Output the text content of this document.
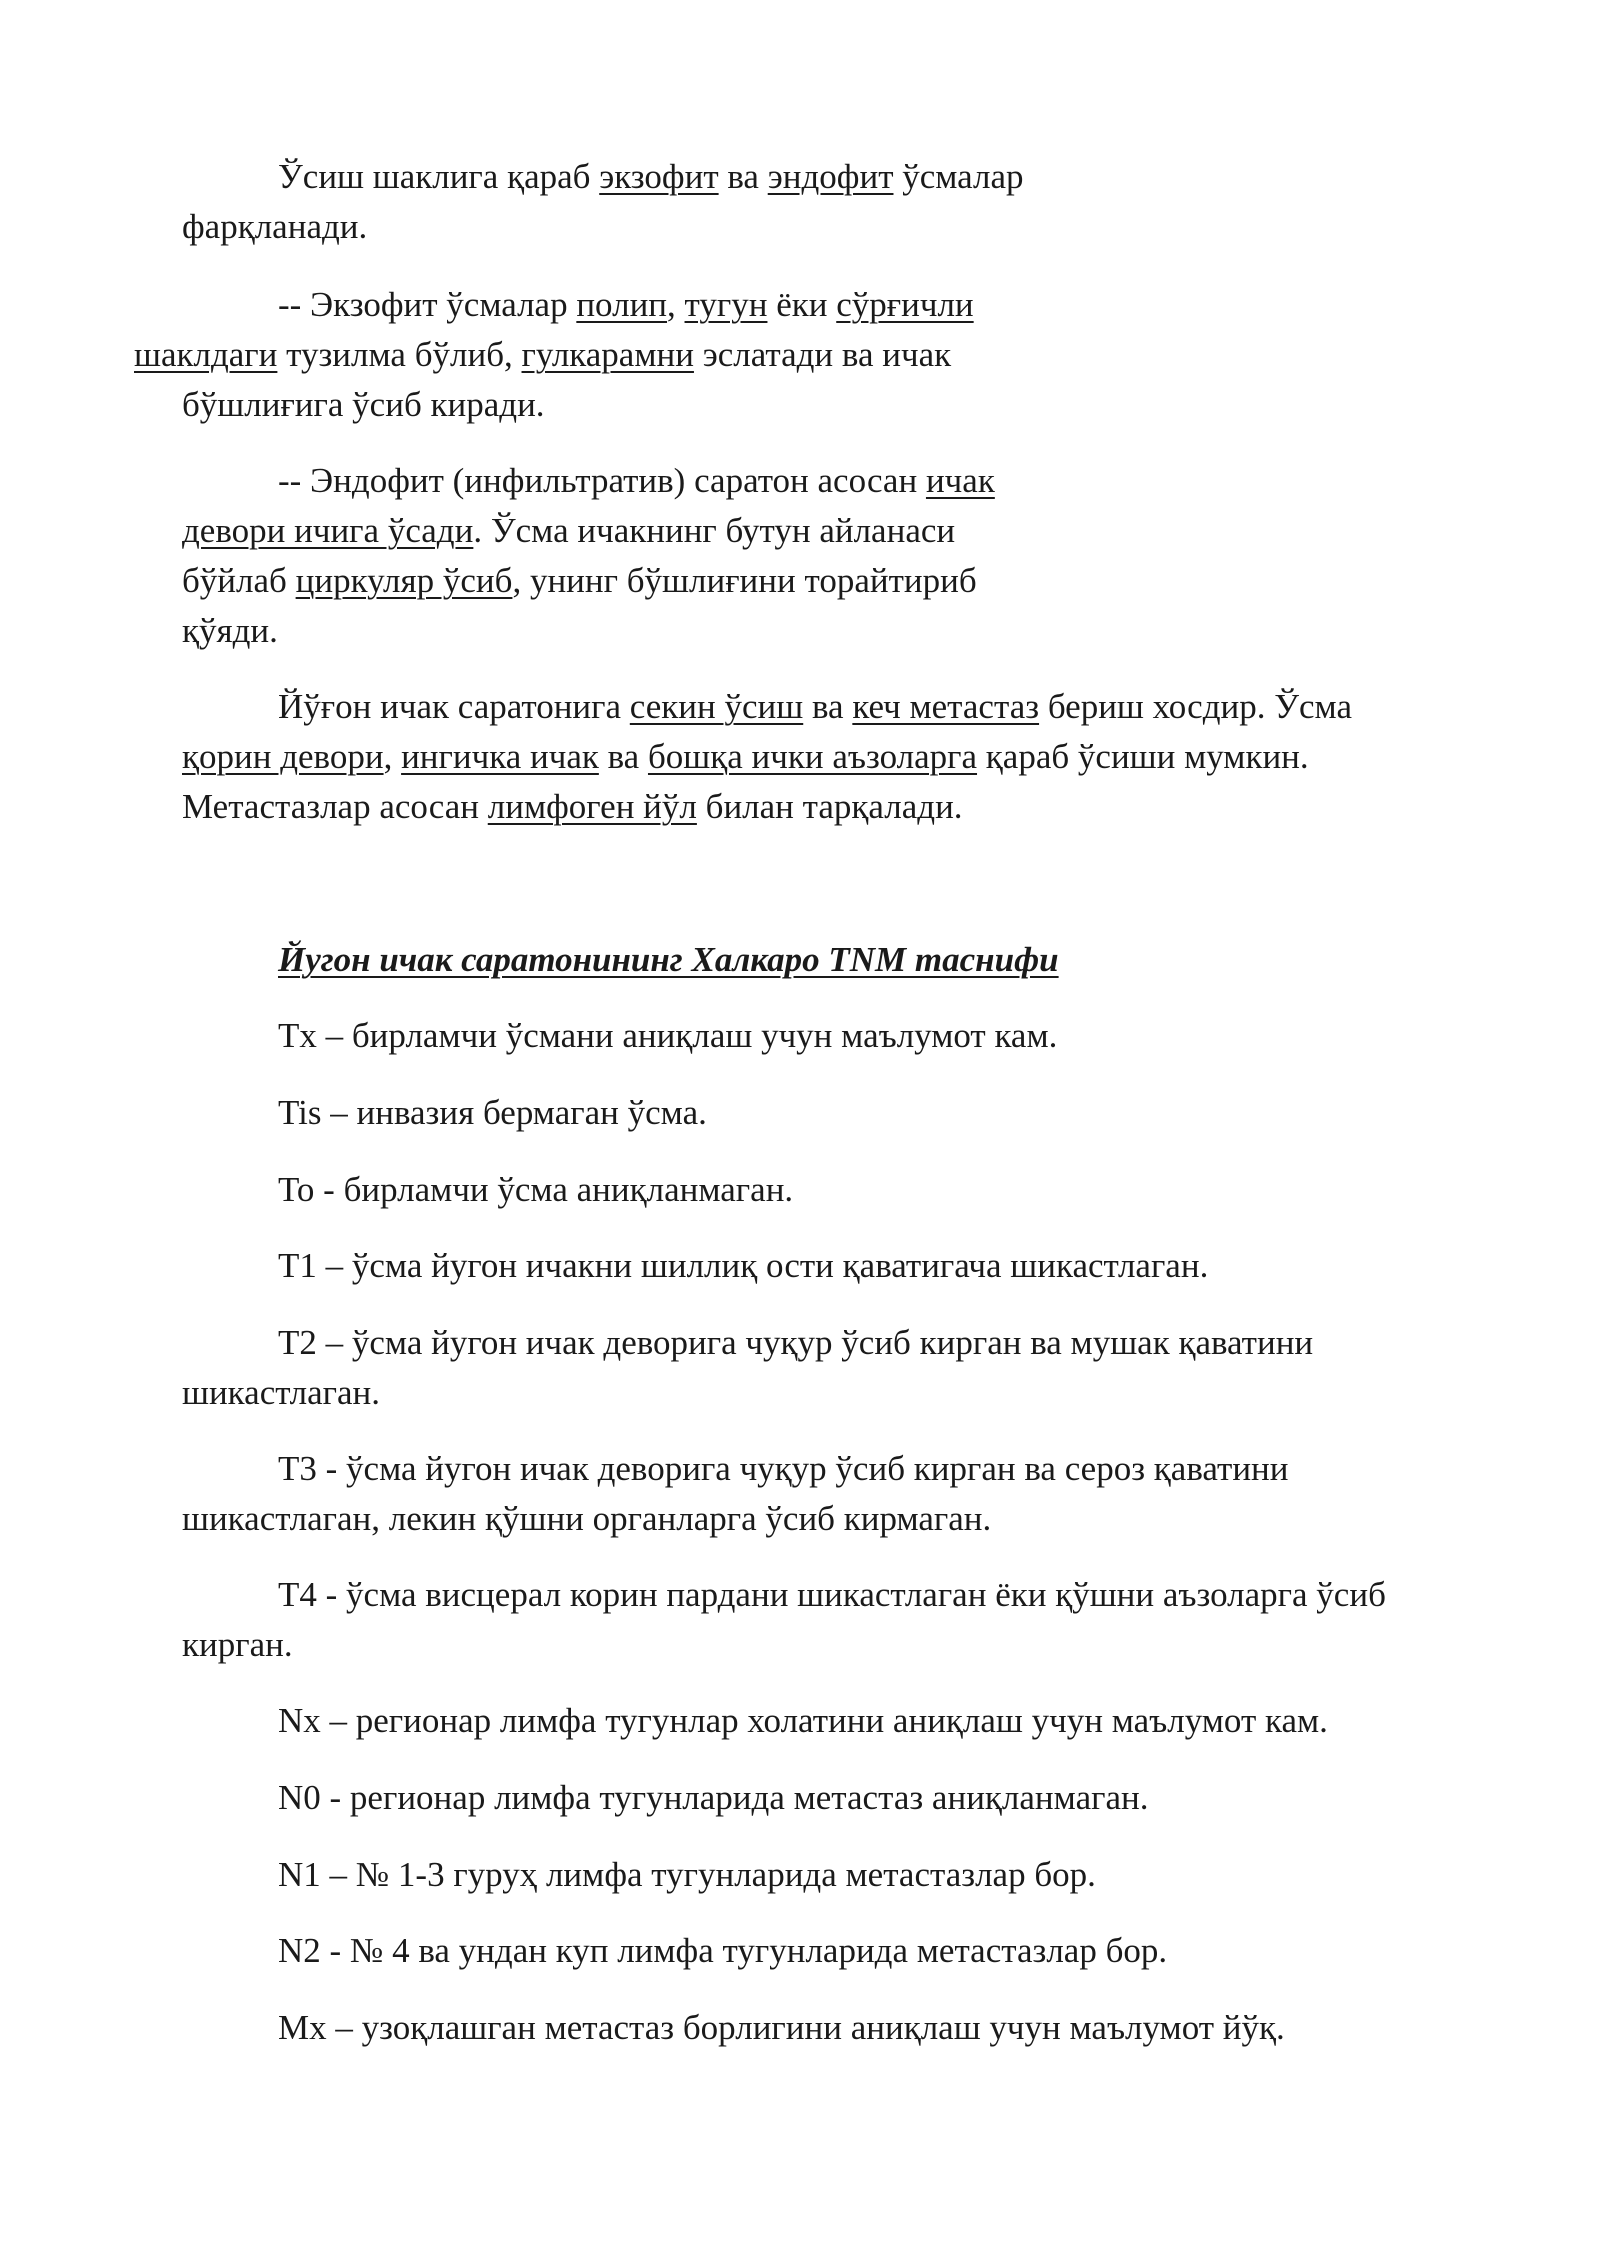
Ўсиш шаклига қараб экзофит ва эндофит ўсмалар
фарқланади.

-- Экзофит ўсмалар полип, тугун ёки сўрғичли
шаклдаги тузилма бўлиб, гулкарамни эслатади ва ичак
бўшлиғига ўсиб киради.

-- Эндофит (инфильтратив) саратон асосан ичак
девори ичига ўсади. Ўсма ичакнинг бутун айланаси
бўйлаб циркуляр ўсиб, унинг бўшлиғини торайтириб
қўяди.

Йўғон ичак саратонига секин ўсиш ва кеч метастаз бериш хосдир. Ўсма
қорин девори, ингичка ичак ва бошқа ички аъзоларга қараб ўсиши мумкин.
Метастазлар асосан лимфоген йўл билан тарқалади.

Йугон ичак саратонининг Халкаро TNM таснифи

Tx – бирламчи ўсмани аниқлаш учун маълумот кам.

Tis – инвазия бермаган ўсма.

To - бирламчи ўсма аниқланмаган.

T1 – ўсма йугон ичакни шиллиқ ости қаватигача шикастлаган.

T2 – ўсма йугон ичак деворига чуқур ўсиб кирган ва мушак қаватини
шикастлаган.

T3 - ўсма йугон ичак деворига чуқур ўсиб кирган ва сероз қаватини
шикастлаган, лекин қўшни органларга ўсиб кирмаган.

T4 - ўсма висцерал корин пардани шикастлаган ёки қўшни аъзоларга ўсиб
кирган.

Nx – регионар лимфа тугунлар холатини аниқлаш учун маълумот кам.

N0 - регионар лимфа тугунларида метастаз аниқланмаган.

N1 – № 1-3 гуруҳ лимфа тугунларида метастазлар бор.

N2 - № 4 ва ундан куп лимфа тугунларида метастазлар бор.

Mx – узоқлашган метастаз борлигини аниқлаш учун маълумот йўқ.
